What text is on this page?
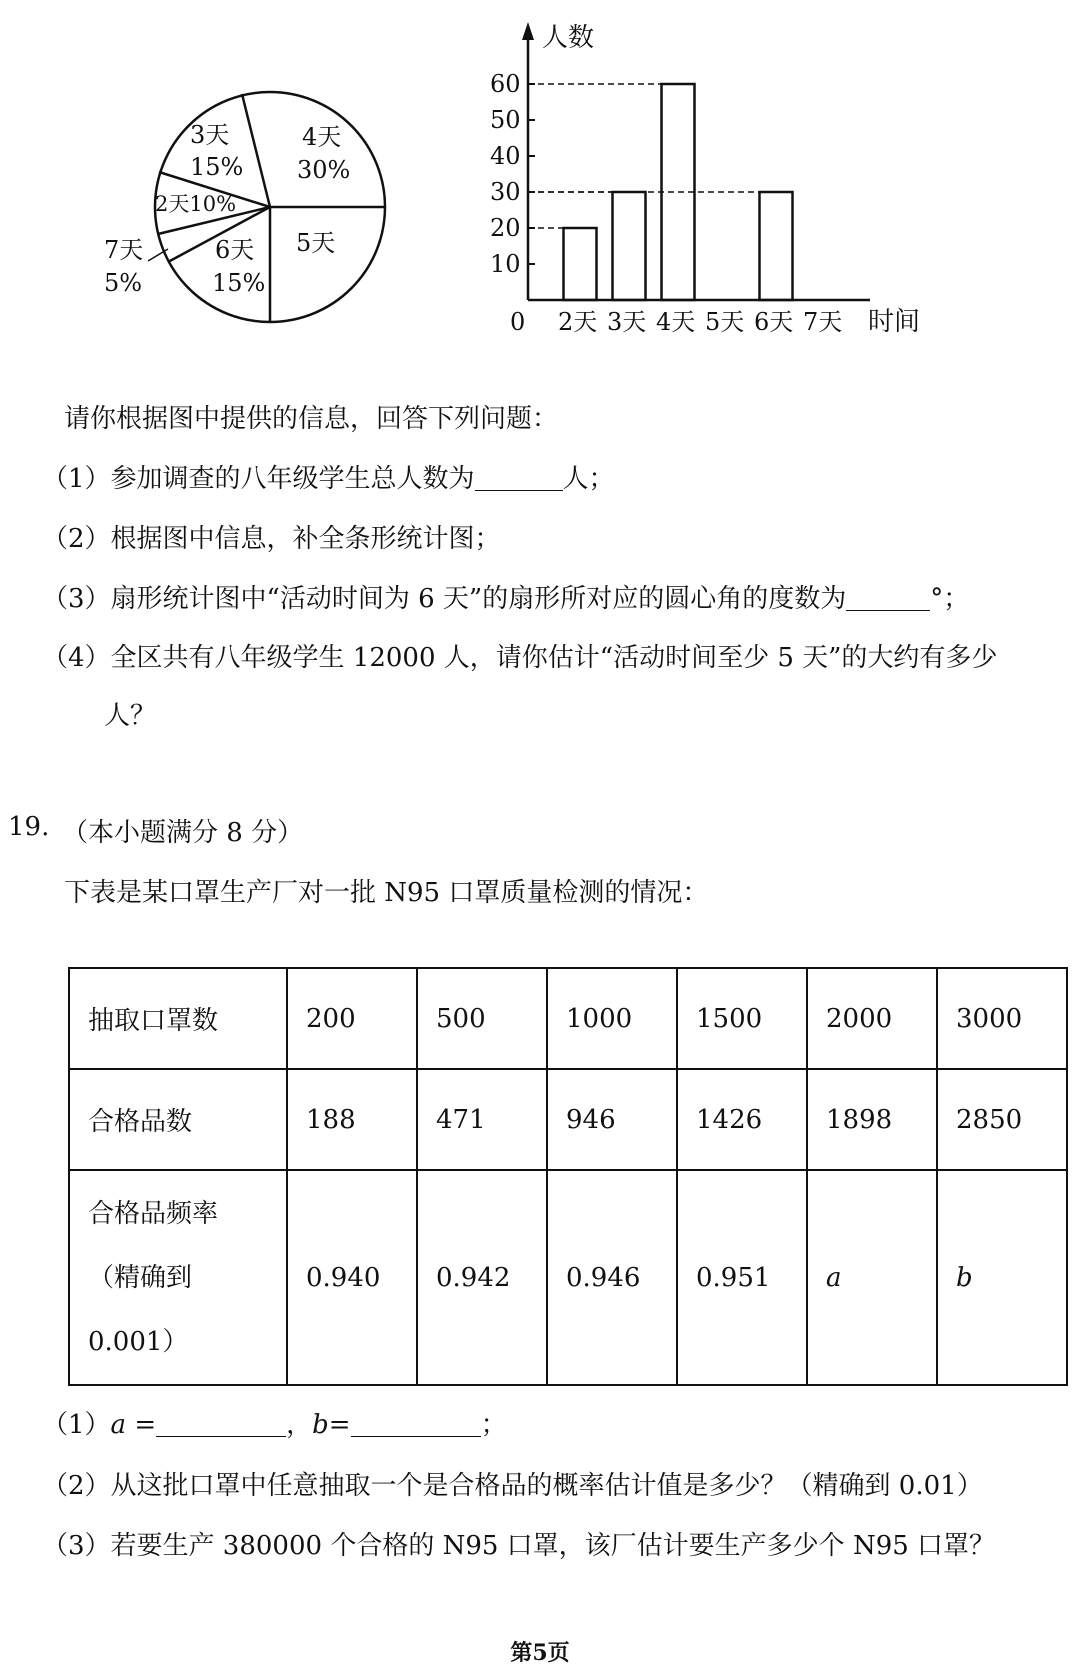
3天
15%
4天
30%
2天10%
5天
6天
15%
7天
5%
人数
时间
0
10
20
30
40
50
60
2天 3天 4天 5天 6天 7天
请你根据图中提供的信息，回答下列问题：
（1）参加调查的八年级学生总人数为	人；
（2）根据图中信息，补全条形统计图；
（3）扇形统计图中“活动时间为 6 天”的扇形所对应的圆心角的度数为	°；
（4）全区共有八年级学生 12000 人，请你估计“活动时间至少 5 天”的大约有多少
人？
19. （本小题满分 8 分）
下表是某口罩生产厂对一批 N95 口罩质量检测的情况：
抽取口罩数	200	500	1000	1500	2000	3000
合格品数	188	471	946	1426	1898	2850

合格品频率
（精确到
0.001）	0.940	0.942	0.946	0.951	a	b
（1）a =	，b=	；
（2）从这批口罩中任意抽取一个是合格品的概率估计值是多少？（精确到 0.01）
（3）若要生产 380000 个合格的 N95 口罩，该厂估计要生产多少个 N95 口罩？
第5页
